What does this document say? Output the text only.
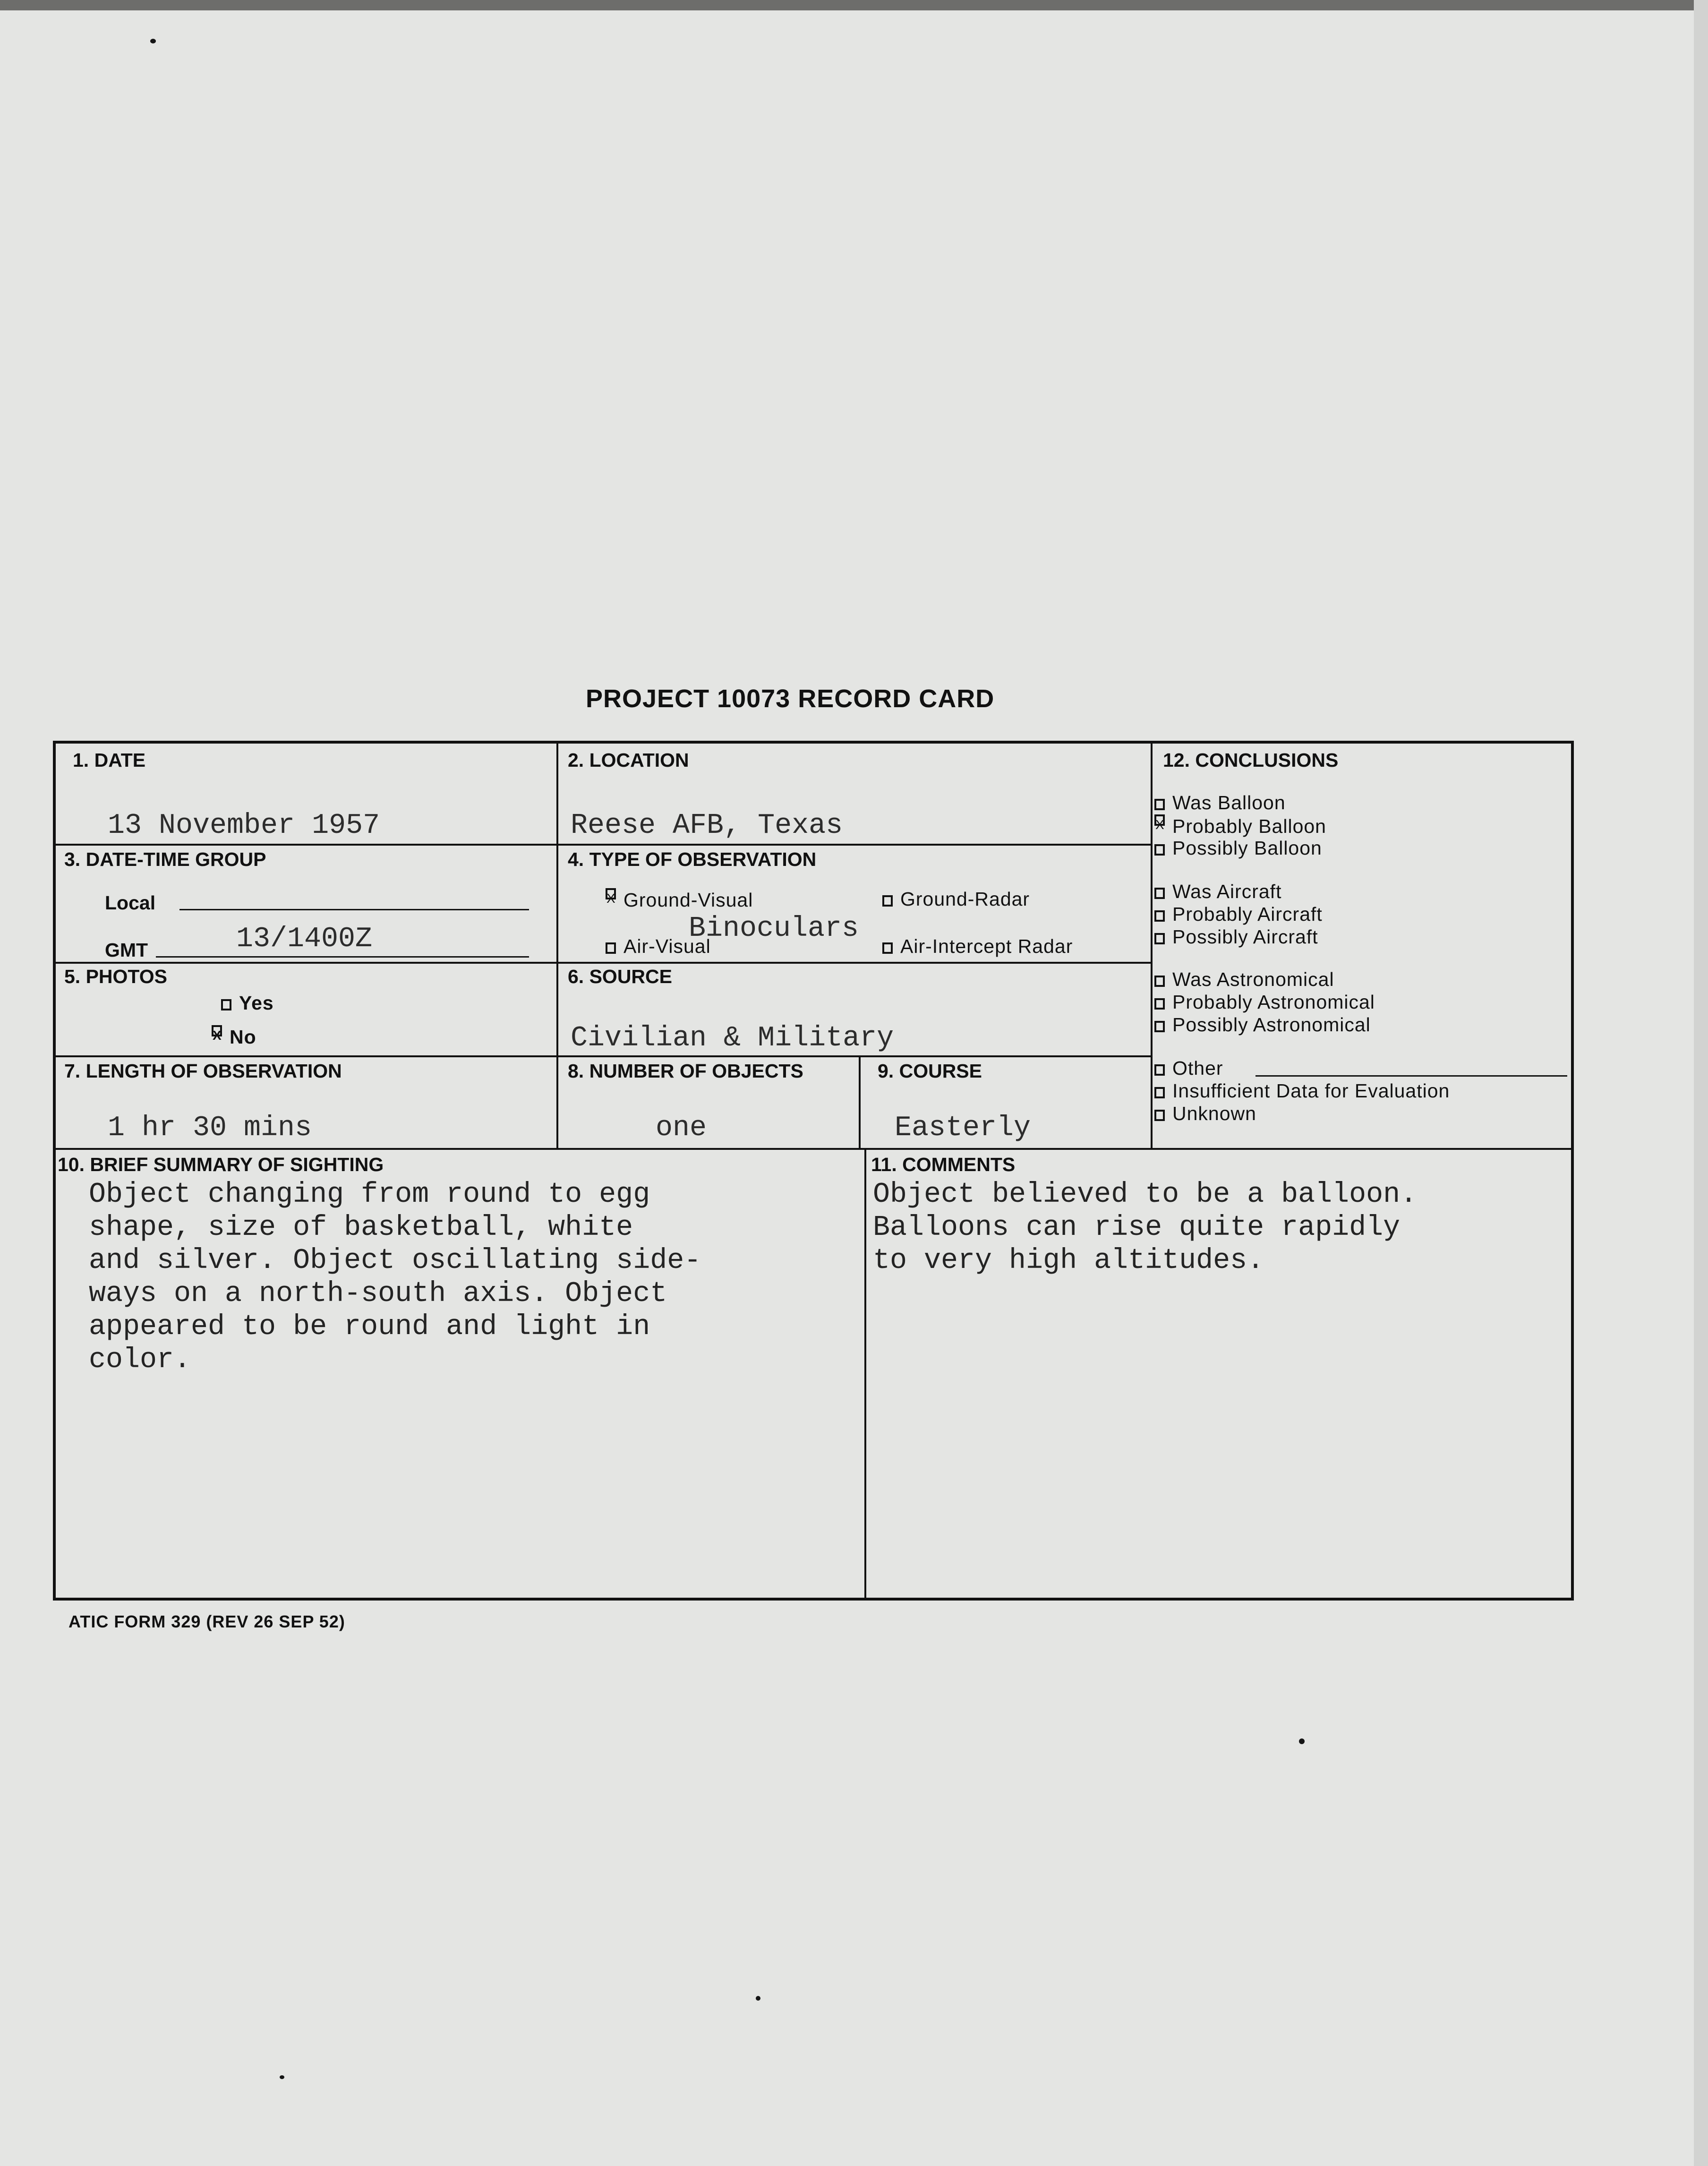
PROJECT 10073 RECORD CARD
1. DATE
13 November 1957
2. LOCATION
Reese AFB, Texas
3. DATE-TIME GROUP
Local
GMT	13/1400Z
4. TYPE OF OBSERVATION
XGround-Visual	Ground-Radar
Binoculars
Air-Visual	Air-Intercept Radar
5. PHOTOS
Yes
XNo
6. SOURCE
Civilian & Military
7. LENGTH OF OBSERVATION
1 hr 30 mins
8. NUMBER OF OBJECTS
one
9. COURSE
Easterly
12. CONCLUSIONS
Was Balloon
XProbably Balloon
Possibly Balloon
Was Aircraft
Probably Aircraft
Possibly Aircraft
Was Astronomical
Probably Astronomical
Possibly Astronomical
Other
Insufficient Data for Evaluation
Unknown
10. BRIEF SUMMARY OF SIGHTING
Object changing from round to egg
shape, size of basketball, white
and silver. Object oscillating side-
ways on a north-south axis. Object
appeared to be round and light in
color.
11. COMMENTS
Object believed to be a balloon.
Balloons can rise quite rapidly
to very high altitudes.
ATIC FORM 329 (REV 26 SEP 52)
